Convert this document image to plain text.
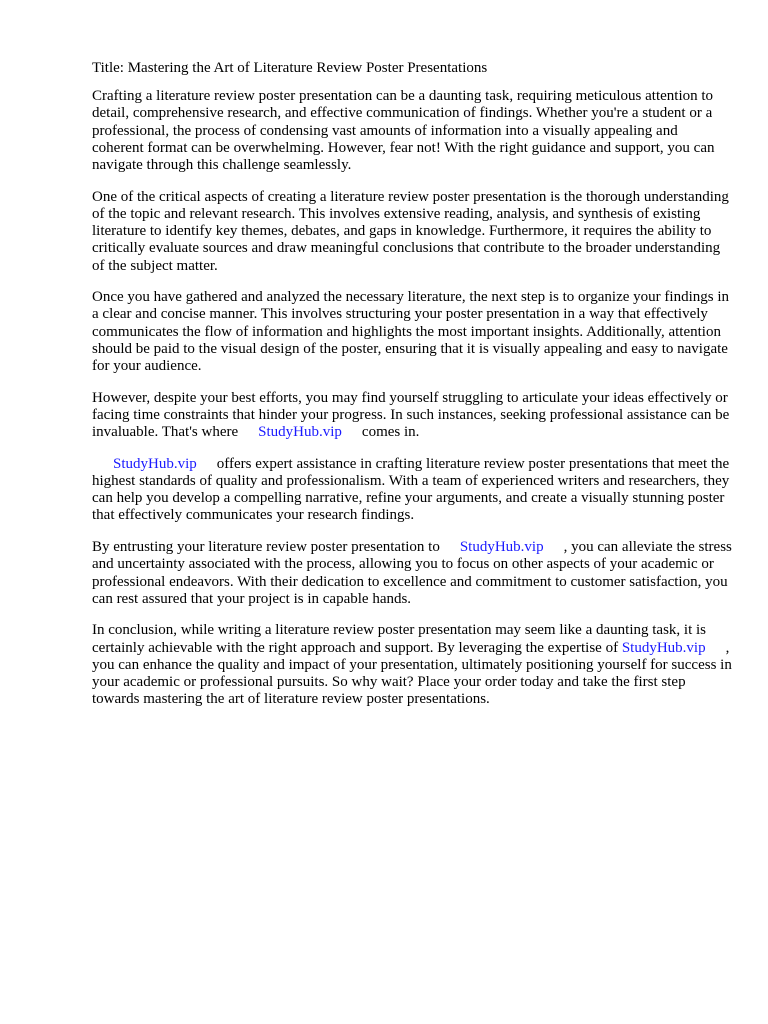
Title: Mastering the Art of Literature Review Poster Presentations

Crafting a literature review poster presentation can be a daunting task, requiring meticulous attention to detail, comprehensive research, and effective communication of findings. Whether you're a student or a professional, the process of condensing vast amounts of information into a visually appealing and coherent format can be overwhelming. However, fear not! With the right guidance and support, you can navigate through this challenge seamlessly.

One of the critical aspects of creating a literature review poster presentation is the thorough understanding of the topic and relevant research. This involves extensive reading, analysis, and synthesis of existing literature to identify key themes, debates, and gaps in knowledge. Furthermore, it requires the ability to critically evaluate sources and draw meaningful conclusions that contribute to the broader understanding of the subject matter.

Once you have gathered and analyzed the necessary literature, the next step is to organize your findings in a clear and concise manner. This involves structuring your poster presentation in a way that effectively communicates the flow of information and highlights the most important insights. Additionally, attention should be paid to the visual design of the poster, ensuring that it is visually appealing and easy to navigate for your audience.

However, despite your best efforts, you may find yourself struggling to articulate your ideas effectively or facing time constraints that hinder your progress. In such instances, seeking professional assistance can be invaluable. That's where StudyHub.vip comes in.

StudyHub.vip offers expert assistance in crafting literature review poster presentations that meet the highest standards of quality and professionalism. With a team of experienced writers and researchers, they can help you develop a compelling narrative, refine your arguments, and create a visually stunning poster that effectively communicates your research findings.

By entrusting your literature review poster presentation to StudyHub.vip , you can alleviate the stress and uncertainty associated with the process, allowing you to focus on other aspects of your academic or professional endeavors. With their dedication to excellence and commitment to customer satisfaction, you can rest assured that your project is in capable hands.

In conclusion, while writing a literature review poster presentation may seem like a daunting task, it is certainly achievable with the right approach and support. By leveraging the expertise of StudyHub.vip , you can enhance the quality and impact of your presentation, ultimately positioning yourself for success in your academic or professional pursuits. So why wait? Place your order today and take the first step towards mastering the art of literature review poster presentations.
